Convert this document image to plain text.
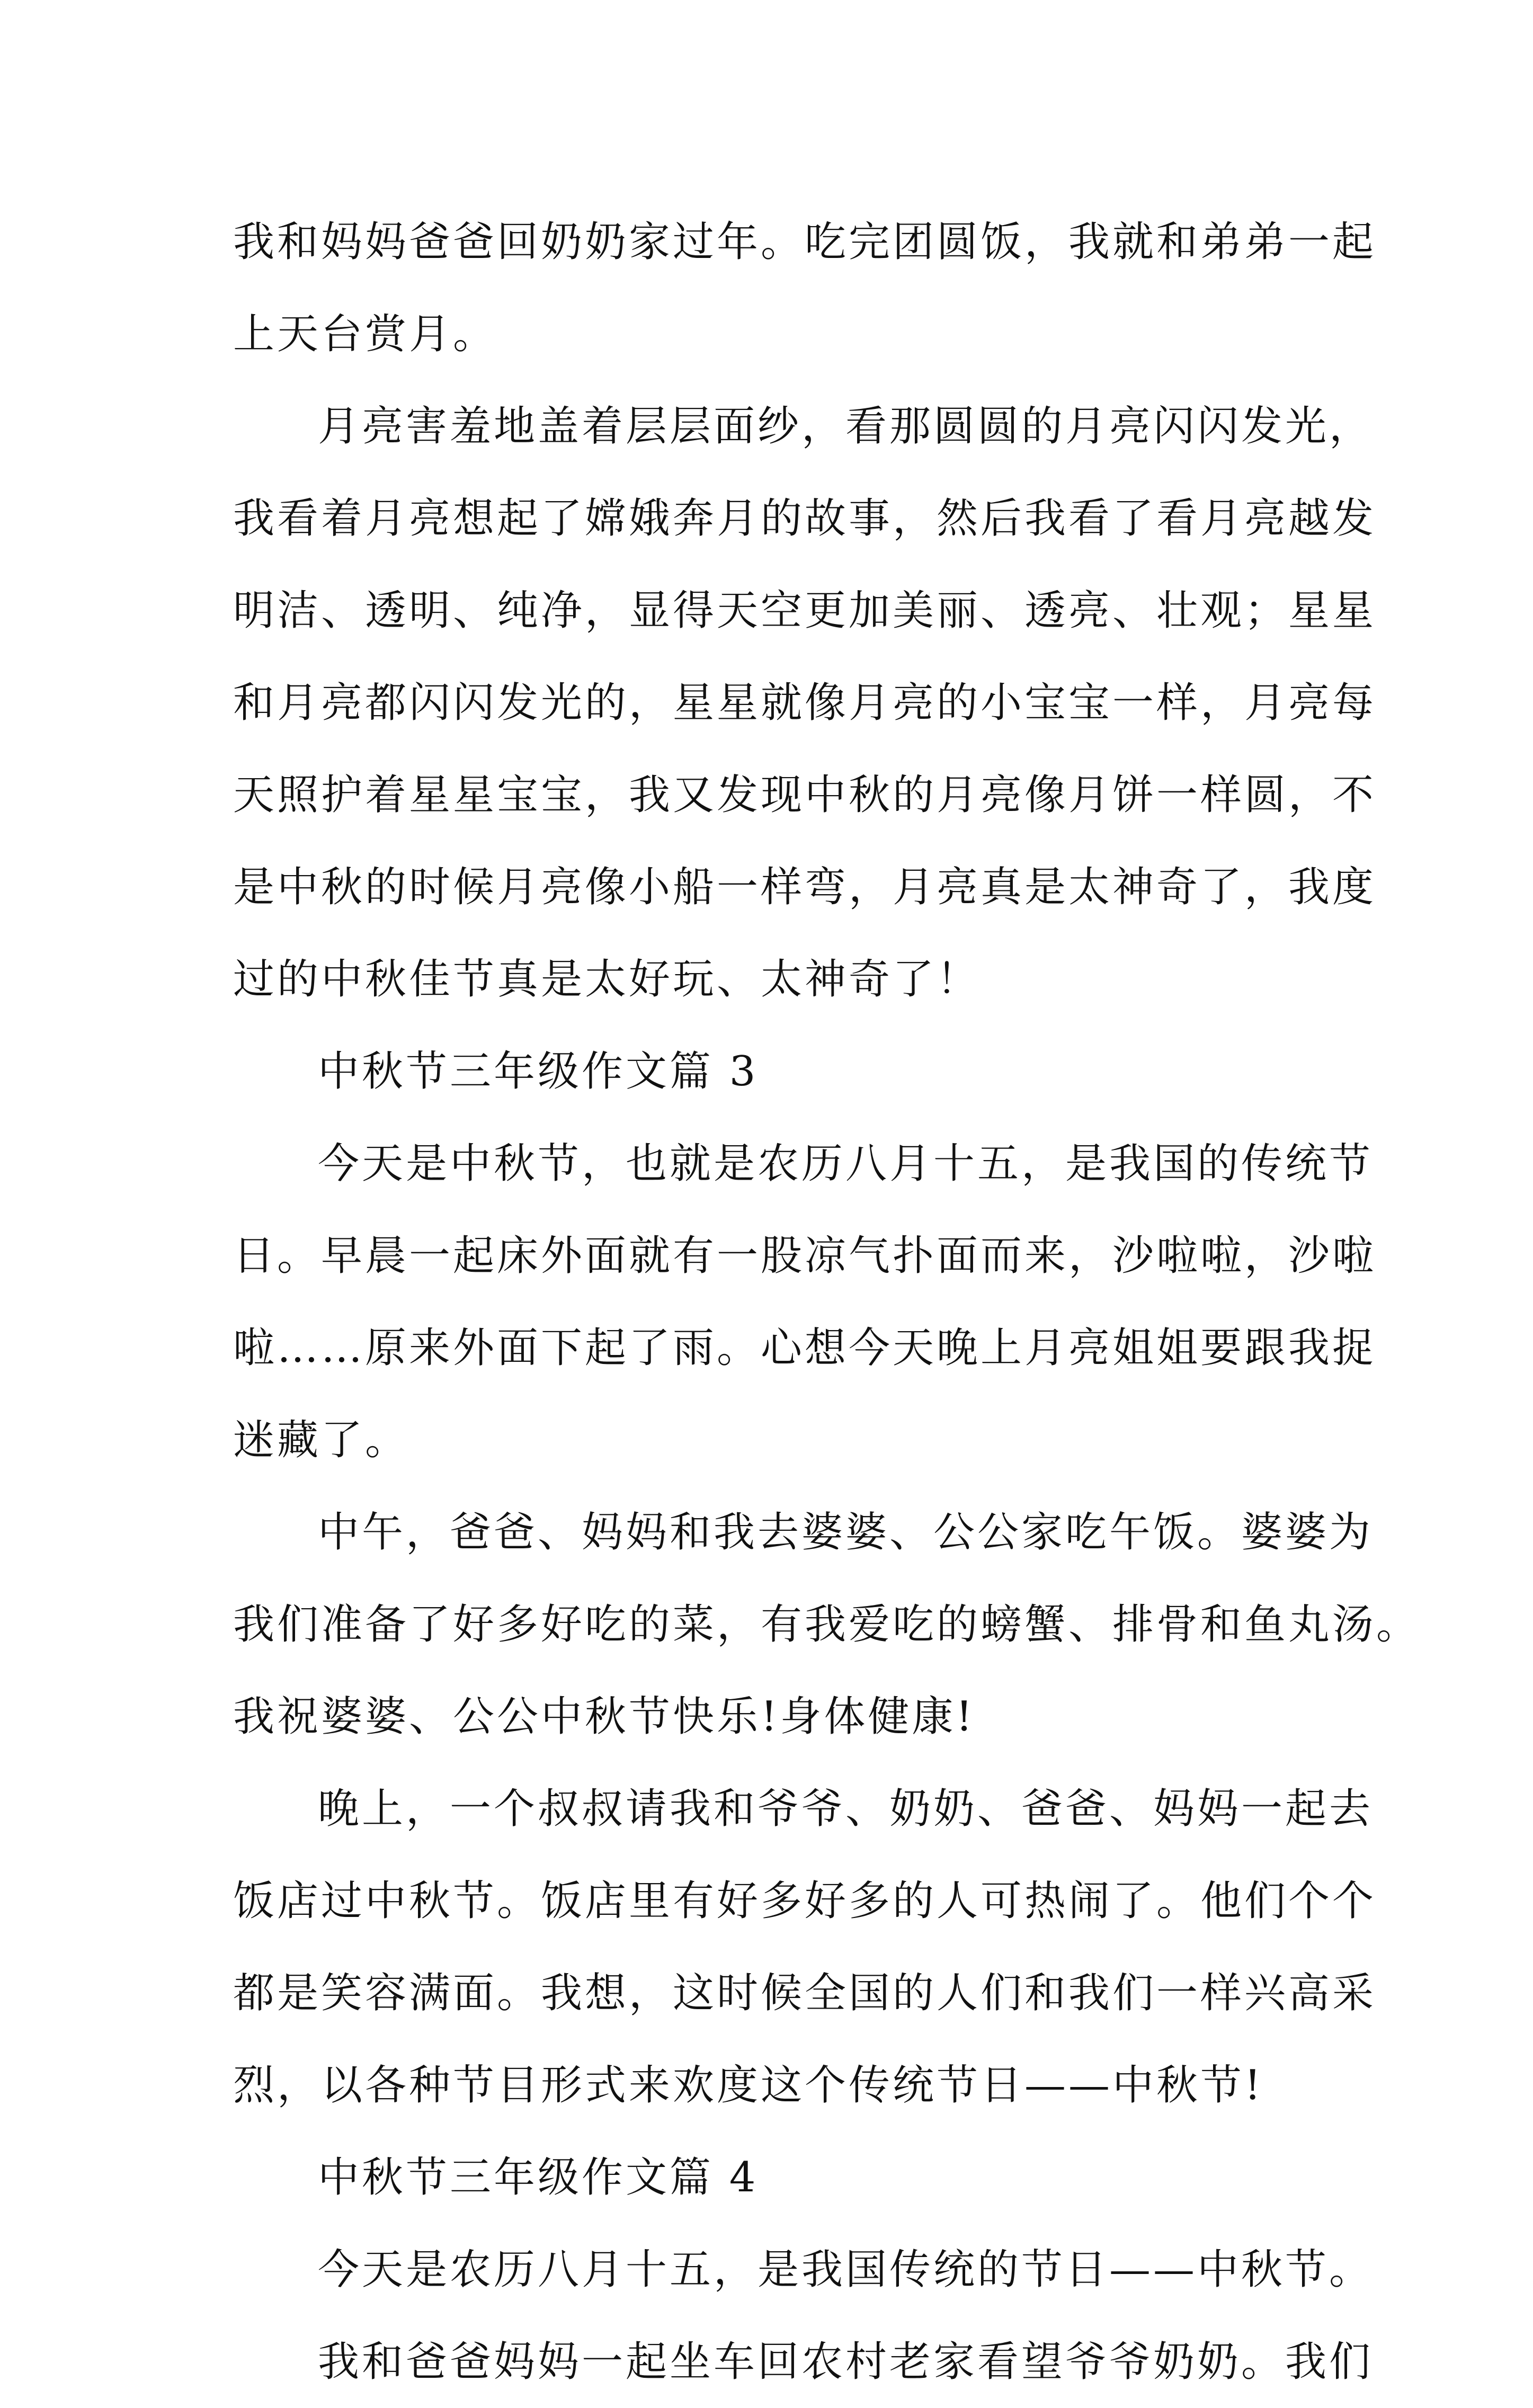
我和妈妈爸爸回奶奶家过年。吃完团圆饭，我就和弟弟一起
上天台赏月。
月亮害羞地盖着层层面纱，看那圆圆的月亮闪闪发光，
我看着月亮想起了嫦娥奔月的故事，然后我看了看月亮越发
明洁、透明、纯净，显得天空更加美丽、透亮、壮观；星星
和月亮都闪闪发光的，星星就像月亮的小宝宝一样，月亮每
天照护着星星宝宝，我又发现中秋的月亮像月饼一样圆，不
是中秋的时候月亮像小船一样弯，月亮真是太神奇了，我度
过的中秋佳节真是太好玩、太神奇了！
中秋节三年级作文篇 3
今天是中秋节，也就是农历八月十五，是我国的传统节
日。早晨一起床外面就有一股凉气扑面而来，沙啦啦，沙啦
啦……原来外面下起了雨。心想今天晚上月亮姐姐要跟我捉
迷藏了。
中午，爸爸、妈妈和我去婆婆、公公家吃午饭。婆婆为
我们准备了好多好吃的菜，有我爱吃的螃蟹、排骨和鱼丸汤。
我祝婆婆、公公中秋节快乐!身体健康!
晚上，一个叔叔请我和爷爷、奶奶、爸爸、妈妈一起去
饭店过中秋节。饭店里有好多好多的人可热闹了。他们个个
都是笑容满面。我想，这时候全国的人们和我们一样兴高采
烈，以各种节目形式来欢度这个传统节日——中秋节!
中秋节三年级作文篇 4
今天是农历八月十五，是我国传统的节日——中秋节。
我和爸爸妈妈一起坐车回农村老家看望爷爷奶奶。我们
